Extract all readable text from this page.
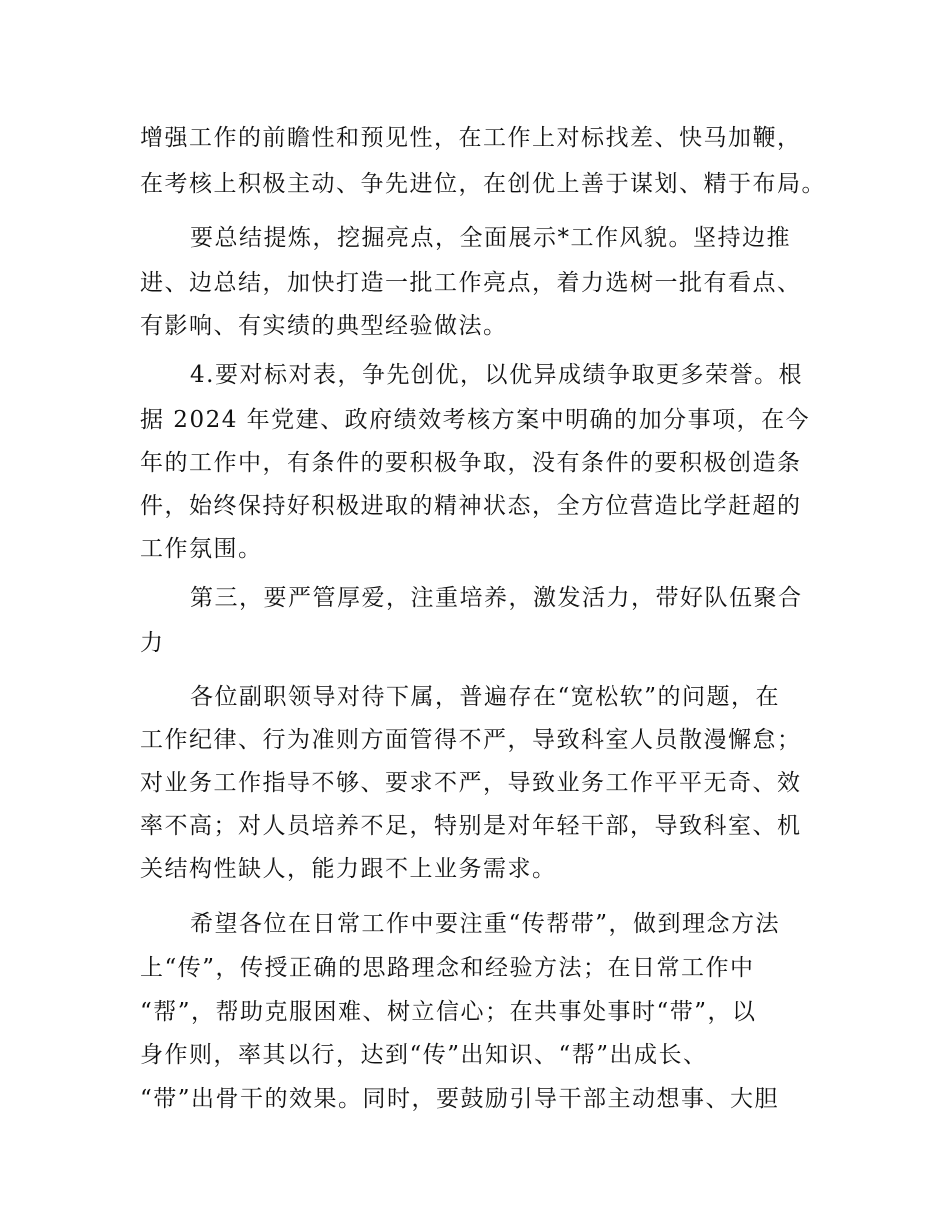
增强工作的前瞻性和预见性，在工作上对标找差、快马加鞭，
在考核上积极主动、争先进位，在创优上善于谋划、精于布局。
要总结提炼，挖掘亮点，全面展示*工作风貌。坚持边推
进、边总结，加快打造一批工作亮点，着力选树一批有看点、
有影响、有实绩的典型经验做法。
4.要对标对表，争先创优，以优异成绩争取更多荣誉。根
据 2024 年党建、政府绩效考核方案中明确的加分事项，在今
年的工作中，有条件的要积极争取，没有条件的要积极创造条
件，始终保持好积极进取的精神状态，全方位营造比学赶超的
工作氛围。
第三，要严管厚爱，注重培养，激发活力，带好队伍聚合
力
各位副职领导对待下属，普遍存在“宽松软”的问题，在
工作纪律、行为准则方面管得不严，导致科室人员散漫懈怠；
对业务工作指导不够、要求不严，导致业务工作平平无奇、效
率不高；对人员培养不足，特别是对年轻干部，导致科室、机
关结构性缺人，能力跟不上业务需求。
希望各位在日常工作中要注重“传帮带”，做到理念方法
上“传”，传授正确的思路理念和经验方法；在日常工作中
“帮”，帮助克服困难、树立信心；在共事处事时“带”，以
身作则，率其以行，达到“传”出知识、“帮”出成长、
“带”出骨干的效果。同时，要鼓励引导干部主动想事、大胆
